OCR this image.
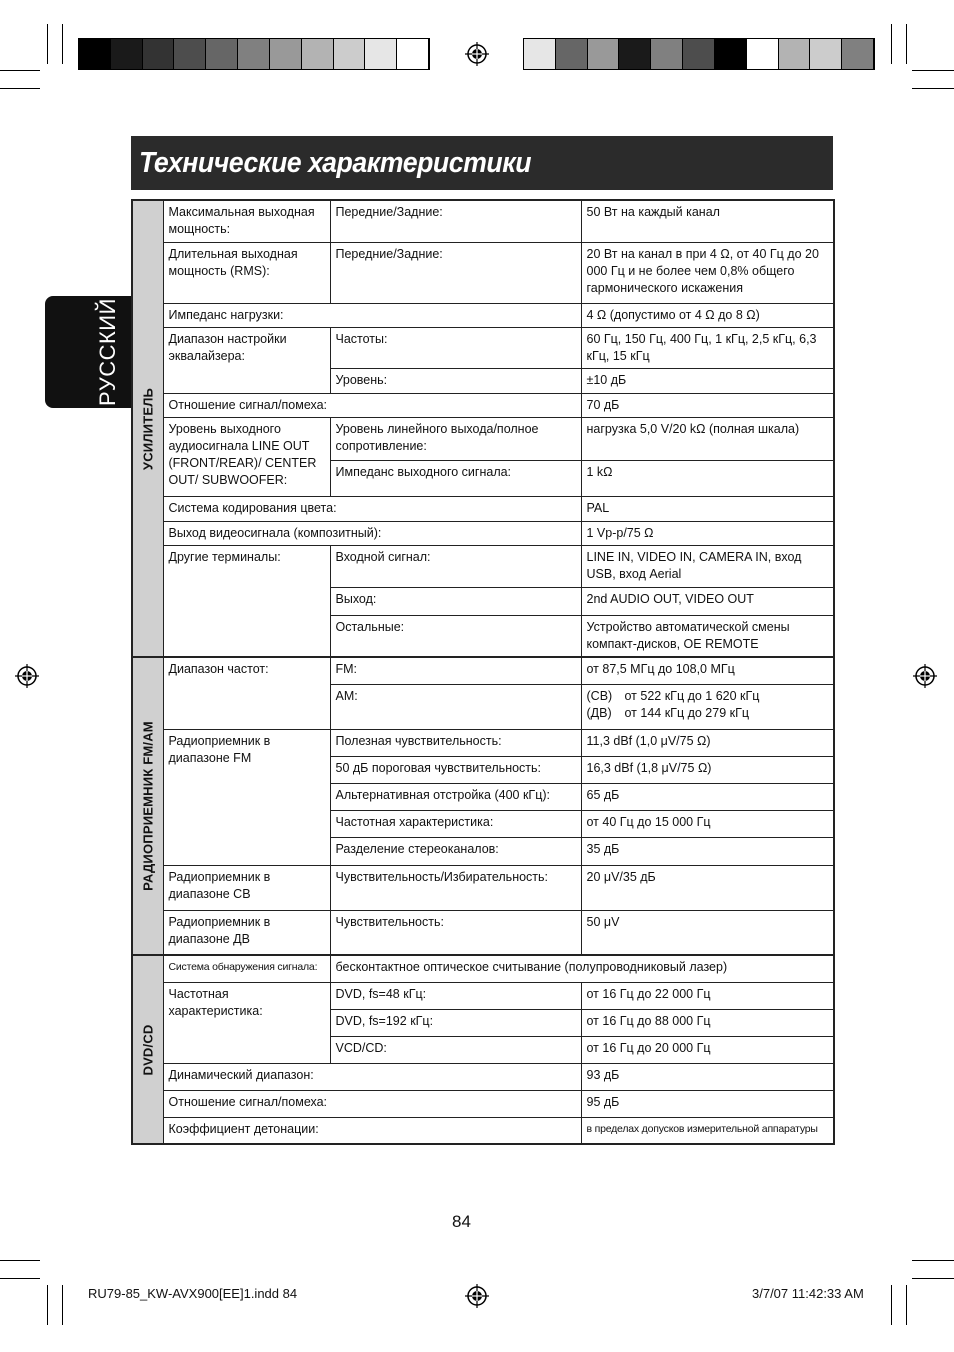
Технические характеристики
РУССКИЙ
УСИЛИТЕЛЬ	Максимальная выходная мощность:	Передние/Задние:	50 Вт на каждый канал
	Длительная выходная мощность (RMS):	Передние/Задние:	20 Вт на канал в при 4 Ω, от 40 Гц до 20 000 Гц и не более чем 0,8% общего гармонического искажения
	Импеданс нагрузки:		4 Ω (допустимо от 4 Ω до 8 Ω)
	Диапазон настройки эквалайзера:	Частоты:	60 Гц, 150 Гц, 400 Гц, 1 кГц, 2,5 кГц, 6,3 кГц, 15 кГц
		Уровень:	±10 дБ
	Отношение сигнал/помеха:		70 дБ
	Уровень выходного аудиосигнала LINE OUT (FRONT/REAR)/ CENTER OUT/ SUBWOOFER:	Уровень линейного выхода/полное сопротивление:	нагрузка 5,0 V/20 kΩ (полная шкала)
		Импеданс выходного сигнала:	1 kΩ
	Система кодирования цвета:		PAL
	Выход видеосигнала (композитный):		1 Vp-p/75 Ω
	Другие терминалы:	Входной сигнал:	LINE IN, VIDEO IN, CAMERA IN, вход USB, вход Aerial
		Выход:	2nd AUDIO OUT, VIDEO OUT
		Остальные:	Устройство автоматической смены компакт-дисков, OE REMOTE

РАДИОПРИЕМНИК FM/AM	Диапазон частот:	FM:	от 87,5 МГц до 108,0 МГц
		AM:	(СВ) от 522 кГц до 1 620 кГц
(ДВ) от 144 кГц до 279 кГц

	Радиоприемник в диапазоне FM	Полезная чувствительность:	11,3 dBf (1,0 μV/75 Ω)
		50 дБ пороговая чувствительность:	16,3 dBf (1,8 μV/75 Ω)
		Альтернативная отстройка (400 кГц):	65 дБ
		Частотная характеристика:	от 40 Гц до 15 000 Гц
		Разделение стереоканалов:	35 дБ
	Радиоприемник в диапазоне СВ	Чувствительность/Избирательность:	20 μV/35 дБ
	Радиоприемник в диапазоне ДВ	Чувствительность:	50 μV

DVD/CD	Система обнаружения сигнала:	бесконтактное оптическое считывание (полупроводниковый лазер)	
	Частотная характеристика:	DVD, fs=48 кГц:	от 16 Гц до 22 000 Гц
		DVD, fs=192 кГц:	от 16 Гц до 88 000 Гц
		VCD/CD:	от 16 Гц до 20 000 Гц
	Динамический диапазон:		93 дБ
	Отношение сигнал/помеха:		95 дБ
	Коэффициент детонации:		в пределах допусков измерительной аппаратуры
84
RU79-85_KW-AVX900[EE]1.indd 84	3/7/07 11:42:33 AM
